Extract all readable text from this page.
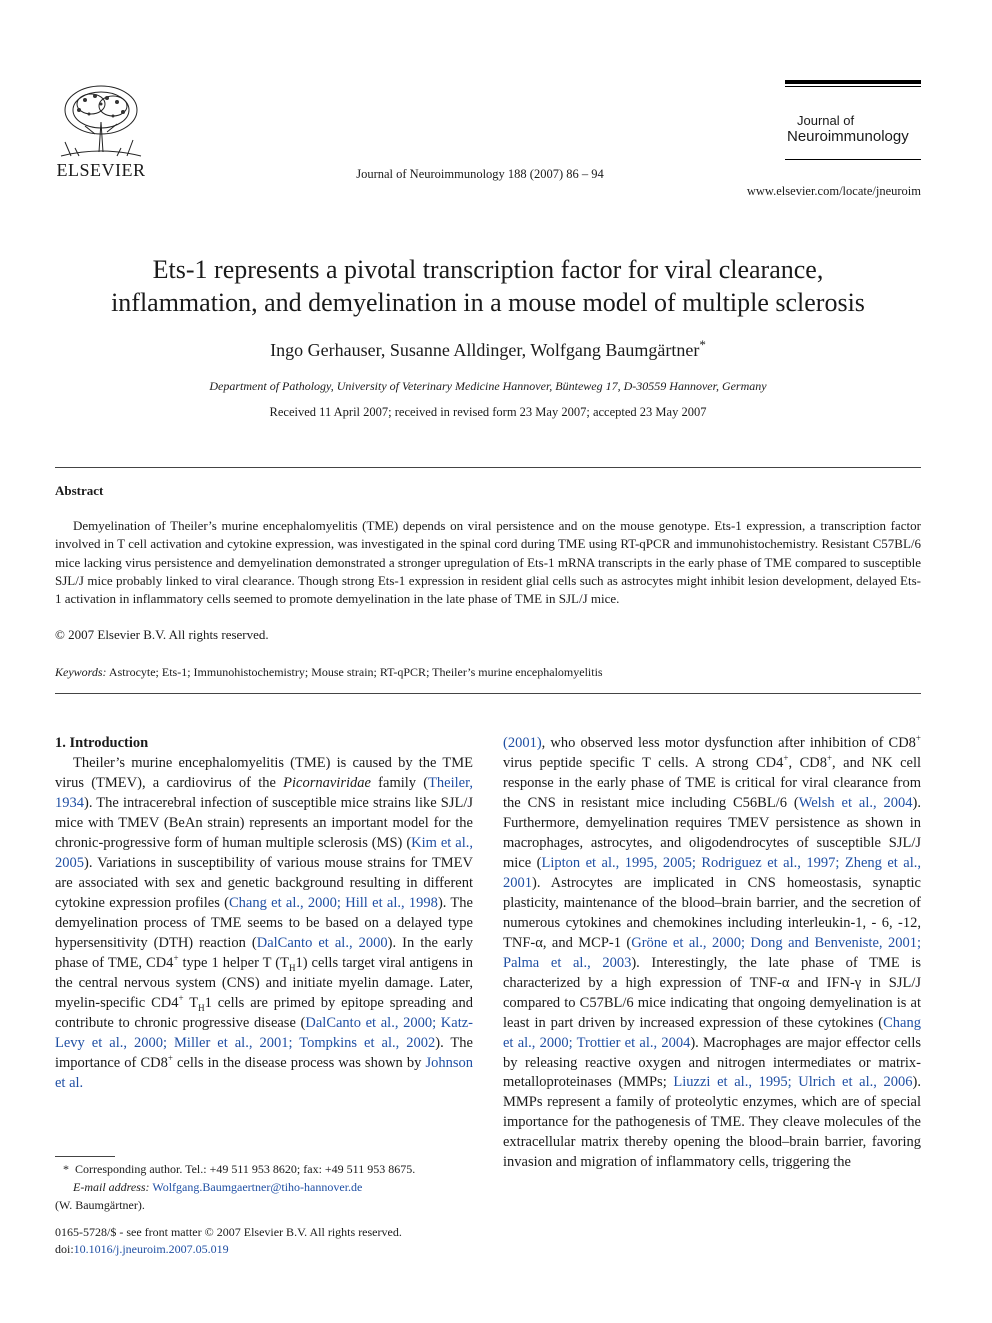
ELSEVIER	Journal of Neuroimmunology 188 (2007) 86 – 94
Journal of
Neuroimmunology
www.elsevier.com/locate/jneuroim
Ets-1 represents a pivotal transcription factor for viral clearance,
inflammation, and demyelination in a mouse model of multiple sclerosis
Ingo Gerhauser, Susanne Alldinger, Wolfgang Baumgärtner*
Department of Pathology, University of Veterinary Medicine Hannover, Bünteweg 17, D-30559 Hannover, Germany
Received 11 April 2007; received in revised form 23 May 2007; accepted 23 May 2007
Abstract

Demyelination of Theiler’s murine encephalomyelitis (TME) depends on viral persistence and on the mouse genotype. Ets-1 expression, a transcription factor involved in T cell activation and cytokine expression, was investigated in the spinal cord during TME using RT-qPCR and immunohistochemistry. Resistant C57BL/6 mice lacking virus persistence and demyelination demonstrated a stronger upregulation of Ets-1 mRNA transcripts in the early phase of TME compared to susceptible SJL/J mice probably linked to viral clearance. Though strong Ets-1 expression in resident glial cells such as astrocytes might inhibit lesion development, delayed Ets-1 activation in inflammatory cells seemed to promote demyelination in the late phase of TME in SJL/J mice.

© 2007 Elsevier B.V. All rights reserved.
Keywords: Astrocyte; Ets-1; Immunohistochemistry; Mouse strain; RT-qPCR; Theiler’s murine encephalomyelitis
1. Introduction

Theiler’s murine encephalomyelitis (TME) is caused by the TME virus (TMEV), a cardiovirus of the Picornaviridae family (Theiler, 1934). The intracerebral infection of susceptible mice strains like SJL/J mice with TMEV (BeAn strain) represents an important model for the chronic-progressive form of human multiple sclerosis (MS) (Kim et al., 2005). Variations in susceptibility of various mouse strains for TMEV are associated with sex and genetic background resulting in different cytokine expression profiles (Chang et al., 2000; Hill et al., 1998). The demyelination process of TME seems to be based on a delayed type hypersensitivity (DTH) reaction (DalCanto et al., 2000). In the early phase of TME, CD4+ type 1 helper T $(T_H1)$ cells target viral antigens in the central nervous system (CNS) and initiate myelin damage. Later, myelin-specific CD4+ $T_H1$ cells are primed by epitope spreading and contribute to chronic progressive disease (DalCanto et al., 2000; Katz-Levy et al., 2000; Miller et al., 2001; Tompkins et al., 2002). The importance of CD8+ cells in the disease process was shown by Johnson et al.

(2001), who observed less motor dysfunction after inhibition of CD8+ virus peptide specific T cells. A strong CD4+, CD8+, and NK cell response in the early phase of TME is critical for viral clearance from the CNS in resistant mice including C56BL/6 (Welsh et al., 2004). Furthermore, demyelination requires TMEV persistence as shown in macrophages, astrocytes, and oligodendrocytes of susceptible SJL/J mice (Lipton et al., 1995, 2005; Rodriguez et al., 1997; Zheng et al., 2001). Astrocytes are implicated in CNS homeostasis, synaptic plasticity, maintenance of the blood–brain barrier, and the secretion of numerous cytokines and chemokines including interleukin-1, - 6, -12, TNF-α, and MCP-1 (Gröne et al., 2000; Dong and Benveniste, 2001; Palma et al., 2003). Interestingly, the late phase of TME is characterized by a high expression of TNF-α and IFN-γ in SJL/J compared to C57BL/6 mice indicating that ongoing demyelination is at least in part driven by increased expression of these cytokines (Chang et al., 2000; Trottier et al., 2004). Macrophages are major effector cells by releasing reactive oxygen and nitrogen intermediates or matrix-metalloproteinases (MMPs; Liuzzi et al., 1995; Ulrich et al., 2006). MMPs represent a family of proteolytic enzymes, which are of special importance for the pathogenesis of TME. They cleave molecules of the extracellular matrix thereby opening the blood–brain barrier, favoring invasion and migration of inflammatory cells, triggering the

* Corresponding author. Tel.: +49 511 953 8620; fax: +49 511 953 8675.
E-mail address: Wolfgang.Baumgaertner@tiho-hannover.de
(W. Baumgärtner).
0165-5728/$ - see front matter © 2007 Elsevier B.V. All rights reserved.
doi:10.1016/j.jneuroim.2007.05.019
